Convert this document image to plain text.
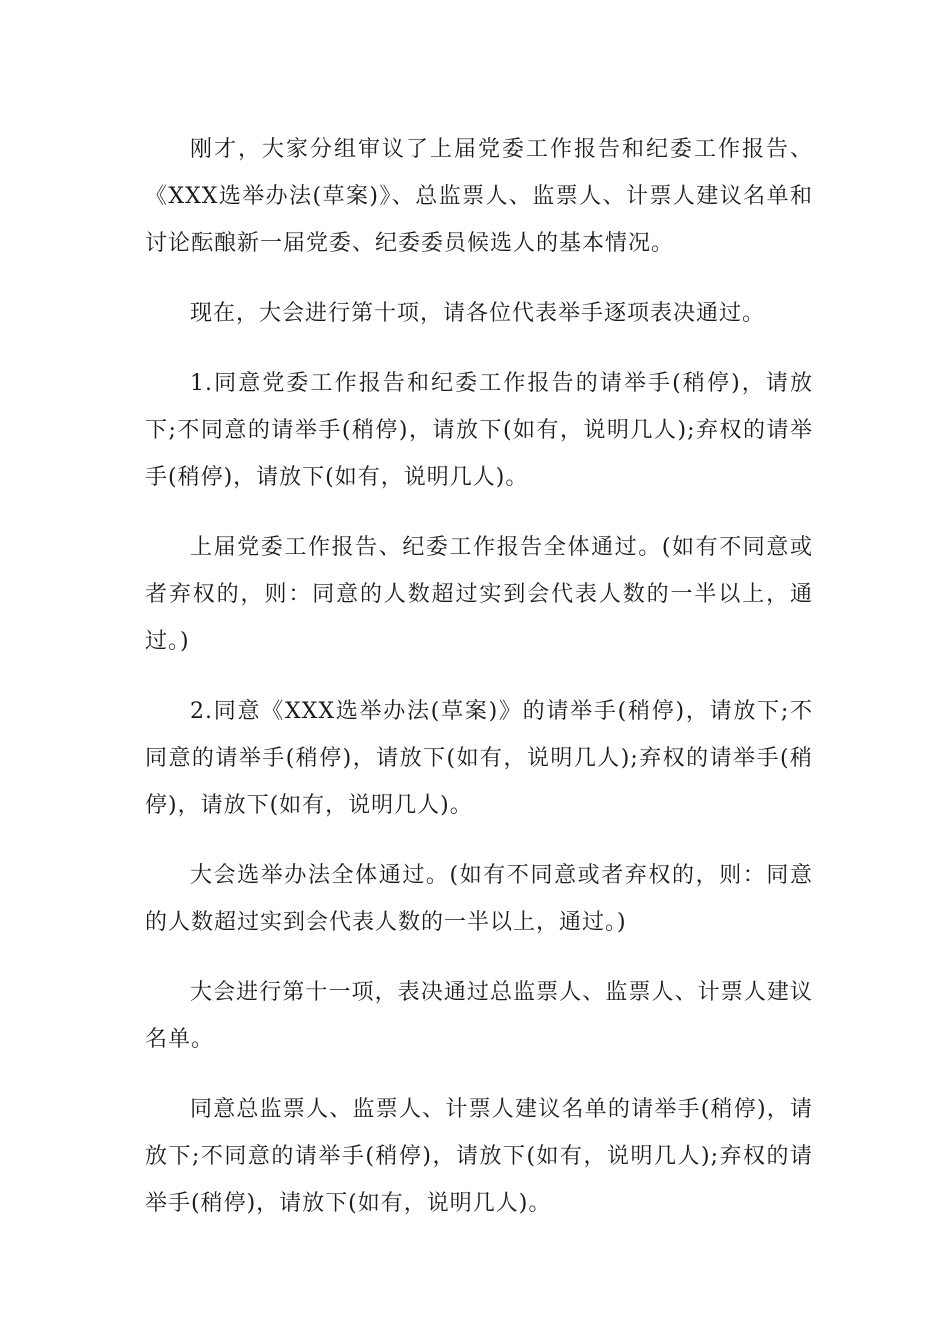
刚才，大家分组审议了上届党委工作报告和纪委工作报告、《XXX选举办法(草案)》、总监票人、监票人、计票人建议名单和讨论酝酿新一届党委、纪委委员候选人的基本情况。

现在，大会进行第十项，请各位代表举手逐项表决通过。

1.同意党委工作报告和纪委工作报告的请举手(稍停)，请放下;不同意的请举手(稍停)，请放下(如有，说明几人);弃权的请举手(稍停)，请放下(如有，说明几人)。

上届党委工作报告、纪委工作报告全体通过。(如有不同意或者弃权的，则：同意的人数超过实到会代表人数的一半以上，通过。)

2.同意《XXX选举办法(草案)》的请举手(稍停)，请放下;不同意的请举手(稍停)，请放下(如有，说明几人);弃权的请举手(稍停)，请放下(如有，说明几人)。

大会选举办法全体通过。(如有不同意或者弃权的，则：同意的人数超过实到会代表人数的一半以上，通过。)

大会进行第十一项，表决通过总监票人、监票人、计票人建议名单。

同意总监票人、监票人、计票人建议名单的请举手(稍停)，请放下;不同意的请举手(稍停)，请放下(如有，说明几人);弃权的请举手(稍停)，请放下(如有，说明几人)。
